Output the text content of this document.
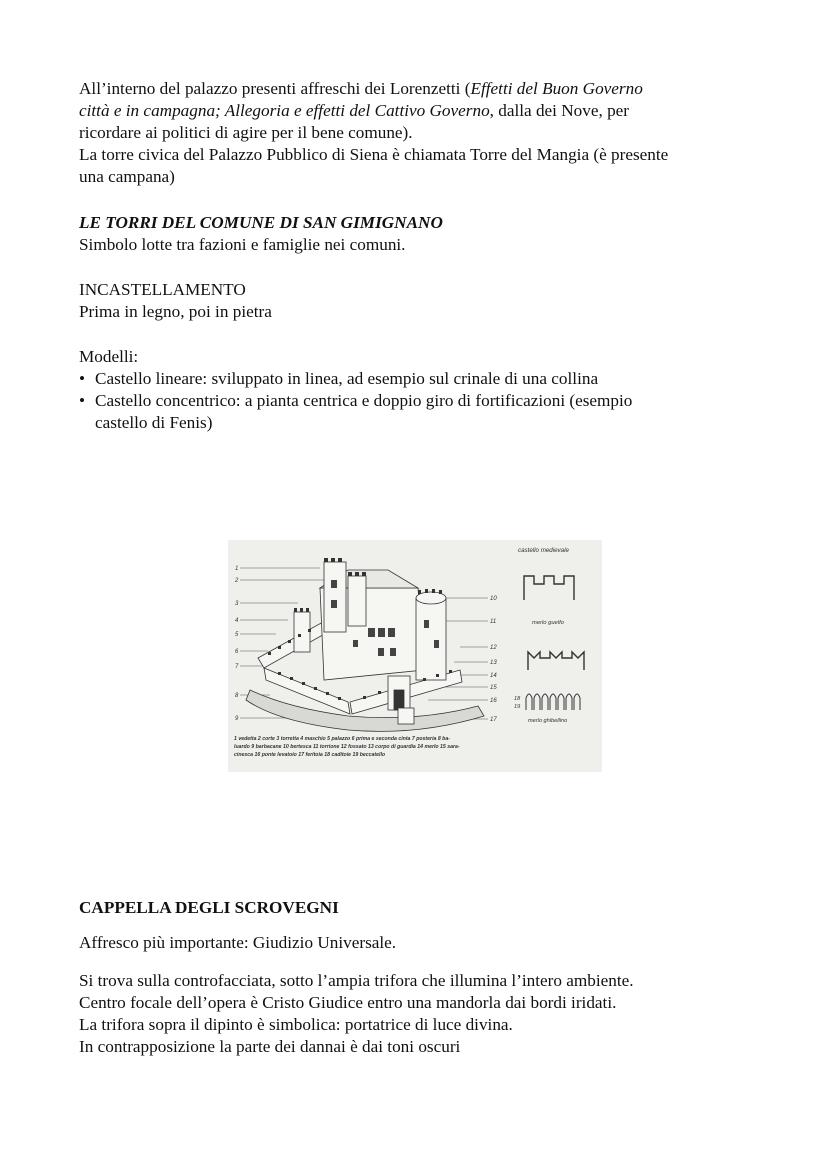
All’interno del palazzo presenti affreschi dei Lorenzetti (Effetti del Buon Governo

città e in campagna; Allegoria e effetti del Cattivo Governo, dalla dei Nove, per

ricordare ai politici di agire per il bene comune).

La torre civica del Palazzo Pubblico di Siena è chiamata Torre del Mangia (è presente

una campana)

LE TORRI DEL COMUNE DI SAN GIMIGNANO

Simbolo lotte tra fazioni e famiglie nei comuni.

INCASTELLAMENTO

Prima in legno, poi in pietra

Modelli:

• Castello lineare: sviluppato in linea, ad esempio sul crinale di una collina
• Castello concentrico: a pianta centrica e doppio giro di fortificazioni (esempio

castello di Fenis)

castello medievale
1
2
3
4
5
6
7
8
9
10
11
12
13
14
15
16
17
merlo guelfo
18
19
merlo ghibellino
1 vedetta 2 corte 3 torretta 4 maschio 5 palazzo 6 prima e seconda cinta 7 posteria 8 ba-
luardo 9 barbacane 10 bertesca 11 torrione 12 fossato 13 corpo di guardia 14 merlo 15 sara-
cinesca 16 ponte levatoio 17 feritoia 18 caditoie 19 beccatello

CAPPELLA DEGLI SCROVEGNI

Affresco più importante: Giudizio Universale.

Si trova sulla controfacciata, sotto l’ampia trifora che illumina l’intero ambiente.

Centro focale dell’opera è Cristo Giudice entro una mandorla dai bordi iridati.

La trifora sopra il dipinto è simbolica: portatrice di luce divina.

In contrapposizione la parte dei dannai è dai toni oscuri
